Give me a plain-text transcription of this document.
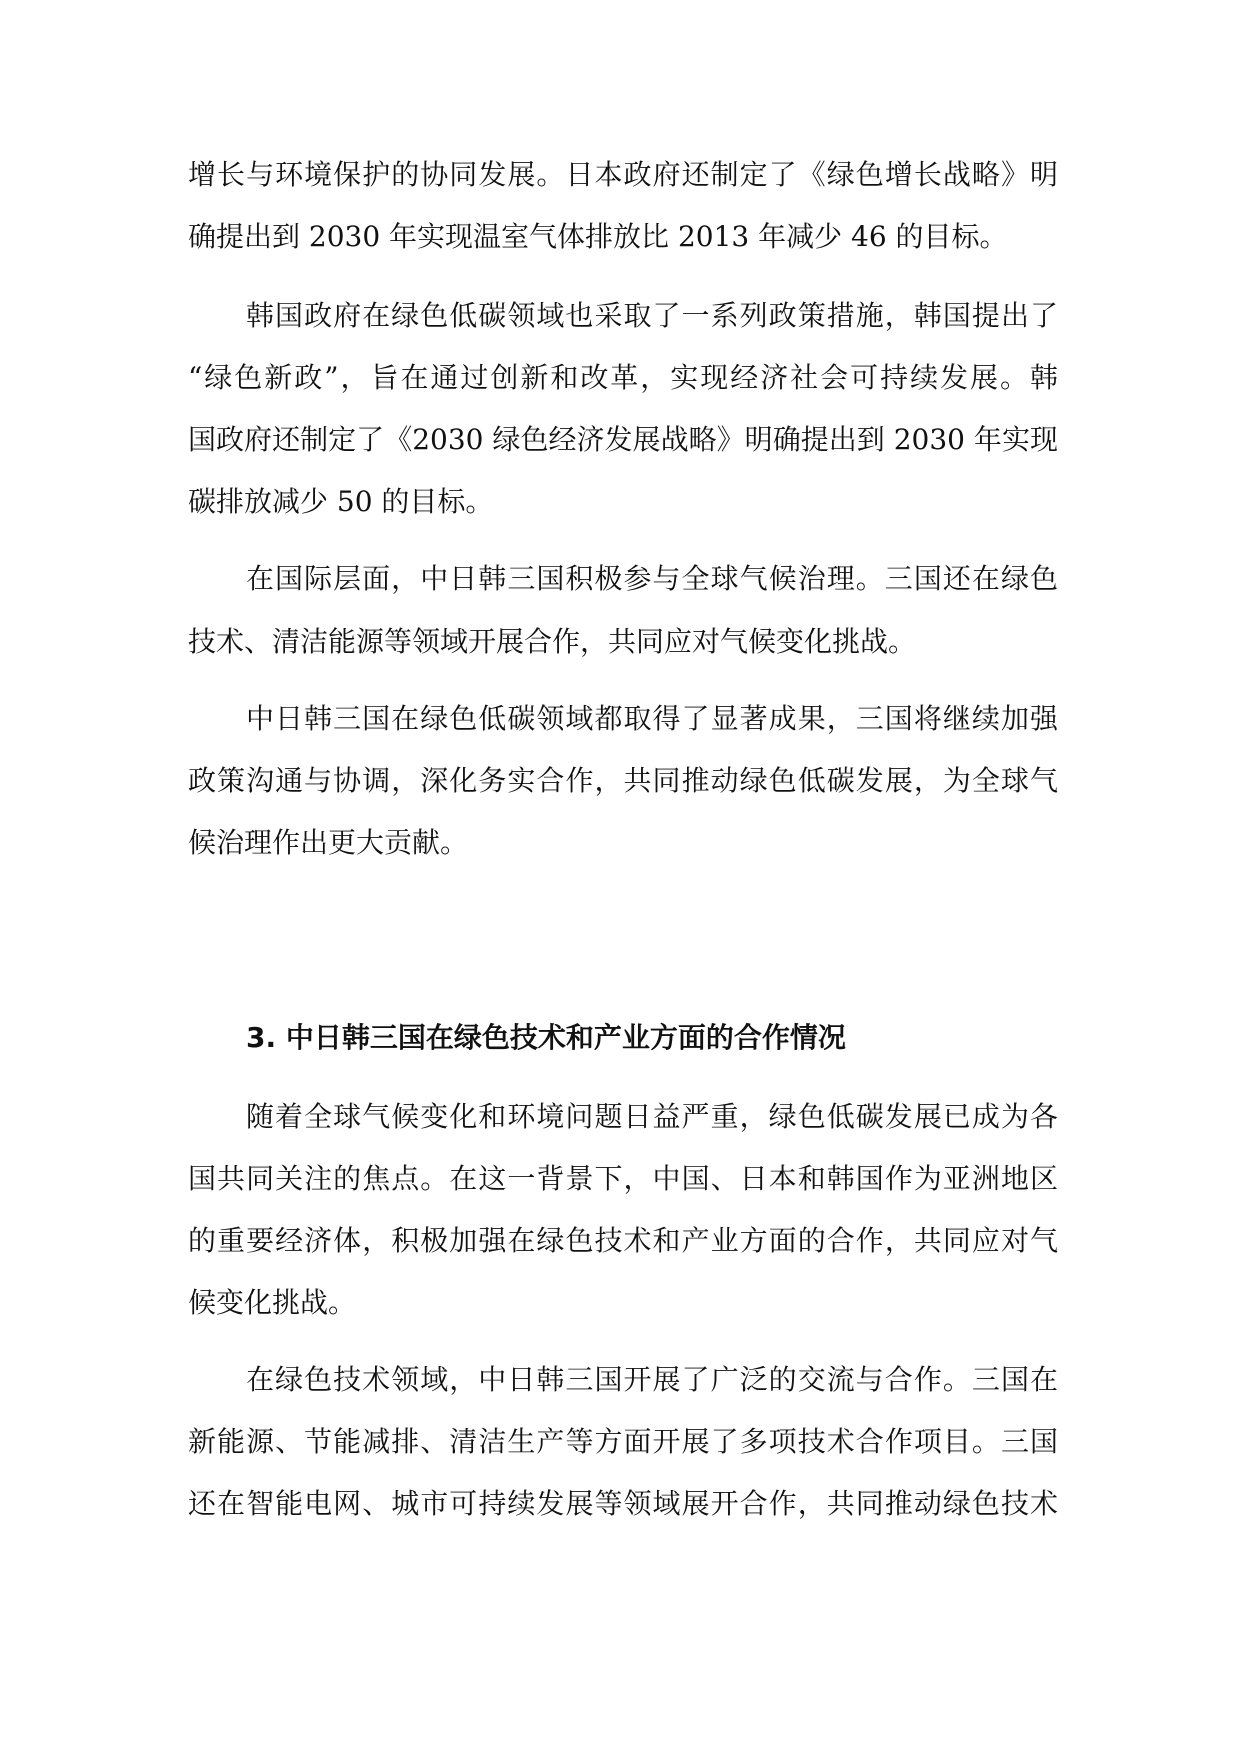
增长与环境保护的协同发展。日本政府还制定了《绿色增长战略》明
确提出到 2030 年实现温室气体排放比 2013 年减少 46 的目标。
韩国政府在绿色低碳领域也采取了一系列政策措施，韩国提出了
“绿色新政”，旨在通过创新和改革，实现经济社会可持续发展。韩
国政府还制定了《2030 绿色经济发展战略》明确提出到 2030 年实现
碳排放减少 50 的目标。
在国际层面，中日韩三国积极参与全球气候治理。三国还在绿色
技术、清洁能源等领域开展合作，共同应对气候变化挑战。
中日韩三国在绿色低碳领域都取得了显著成果，三国将继续加强
政策沟通与协调，深化务实合作，共同推动绿色低碳发展，为全球气
候治理作出更大贡献。
3. 中日韩三国在绿色技术和产业方面的合作情况
随着全球气候变化和环境问题日益严重，绿色低碳发展已成为各
国共同关注的焦点。在这一背景下，中国、日本和韩国作为亚洲地区
的重要经济体，积极加强在绿色技术和产业方面的合作，共同应对气
候变化挑战。
在绿色技术领域，中日韩三国开展了广泛的交流与合作。三国在
新能源、节能减排、清洁生产等方面开展了多项技术合作项目。三国
还在智能电网、城市可持续发展等领域展开合作，共同推动绿色技术
